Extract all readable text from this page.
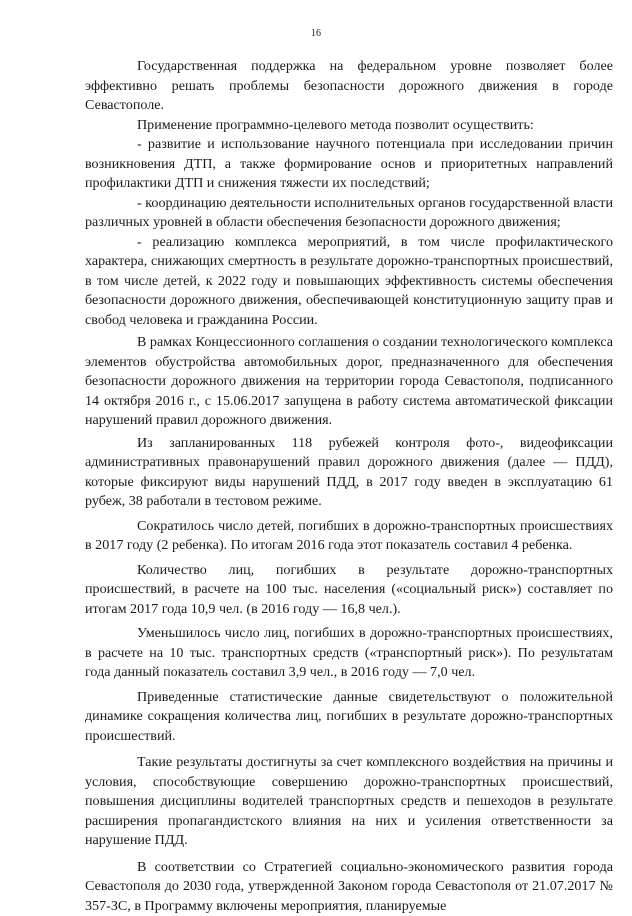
16

Государственная поддержка на федеральном уровне позволяет более эффективно решать проблемы безопасности дорожного движения в городе Севастополе.

Применение программно-целевого метода позволит осуществить:

- развитие и использование научного потенциала при исследовании причин возникновения ДТП, а также формирование основ и приоритетных направлений профилактики ДТП и снижения тяжести их последствий;

- координацию деятельности исполнительных органов государственной власти различных уровней в области обеспечения безопасности дорожного движения;

- реализацию комплекса мероприятий, в том числе профилактического характера, снижающих смертность в результате дорожно-транспортных происшествий, в том числе детей, к 2022 году и повышающих эффективность системы обеспечения безопасности дорожного движения, обеспечивающей конституционную защиту прав и свобод человека и гражданина России.

В рамках Концессионного соглашения о создании технологического комплекса элементов обустройства автомобильных дорог, предназначенного для обеспечения безопасности дорожного движения на территории города Севастополя, подписанного 14 октября 2016 г., с 15.06.2017 запущена в работу система автоматической фиксации нарушений правил дорожного движения.

Из запланированных 118 рубежей контроля фото-, видеофиксации административных правонарушений правил дорожного движения (далее — ПДД), которые фиксируют виды нарушений ПДД, в 2017 году введен в эксплуатацию 61 рубеж, 38 работали в тестовом режиме.

Сократилось число детей, погибших в дорожно-транспортных происшествиях в 2017 году (2 ребенка). По итогам 2016 года этот показатель составил 4 ребенка.

Количество лиц, погибших в результате дорожно-транспортных происшествий, в расчете на 100 тыс. населения («социальный риск») составляет по итогам 2017 года 10,9 чел. (в 2016 году — 16,8 чел.).

Уменьшилось число лиц, погибших в дорожно-транспортных происшествиях, в расчете на 10 тыс. транспортных средств («транспортный риск»). По результатам года данный показатель составил 3,9 чел., в 2016 году — 7,0 чел.

Приведенные статистические данные свидетельствуют о положительной динамике сокращения количества лиц, погибших в результате дорожно-транспортных происшествий.

Такие результаты достигнуты за счет комплексного воздействия на причины и условия, способствующие совершению дорожно-транспортных происшествий, повышения дисциплины водителей транспортных средств и пешеходов в результате расширения пропагандистского влияния на них и усиления ответственности за нарушение ПДД.

В соответствии со Стратегией социально-экономического развития города Севастополя до 2030 года, утвержденной Законом города Севастополя от 21.07.2017 № 357-ЗС, в Программу включены мероприятия, планируемые
